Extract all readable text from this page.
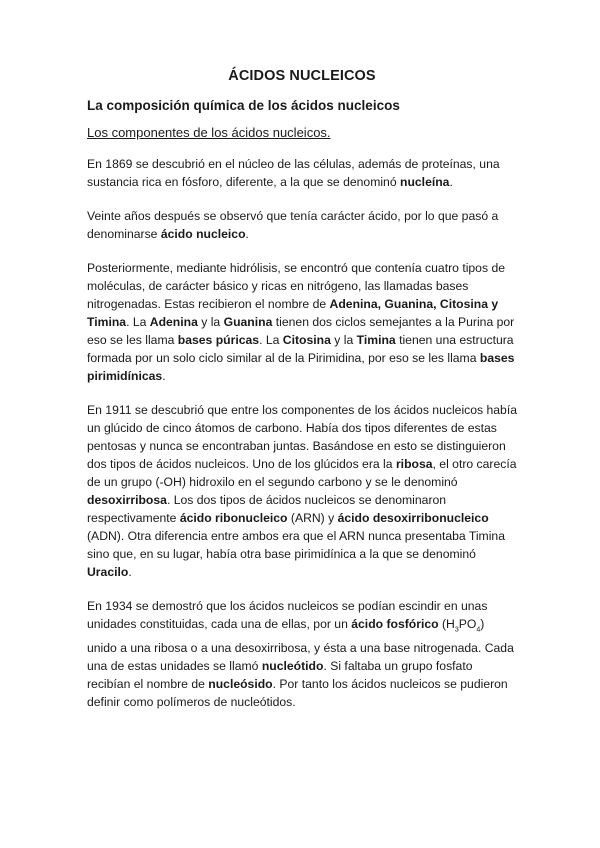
ÁCIDOS NUCLEICOS
La composición química de los ácidos nucleicos
Los componentes de los ácidos nucleicos.

En 1869 se descubrió en el núcleo de las células, además de proteínas, una sustancia rica en fósforo, diferente, a la que se denominó nucleína.

Veinte años después se observó que tenía carácter ácido, por lo que pasó a denominarse ácido nucleico.

Posteriormente, mediante hidrólisis, se encontró que contenía cuatro tipos de moléculas, de carácter básico y ricas en nitrógeno, las llamadas bases nitrogenadas. Estas recibieron el nombre de Adenina, Guanina, Citosina y Timina. La Adenina y la Guanina tienen dos ciclos semejantes a la Purina por eso se les llama bases púricas. La Citosina y la Timina tienen una estructura formada por un solo ciclo similar al de la Pirimidina, por eso se les llama bases pirimidínicas.

En 1911 se descubrió que entre los componentes de los ácidos nucleicos había un glúcido de cinco átomos de carbono. Había dos tipos diferentes de estas pentosas y nunca se encontraban juntas. Basándose en esto se distinguieron dos tipos de ácidos nucleicos. Uno de los glúcidos era la ribosa, el otro carecía de un grupo (-OH) hidroxilo en el segundo carbono y se le denominó desoxirribosa. Los dos tipos de ácidos nucleicos se denominaron respectivamente ácido ribonucleico (ARN) y ácido desoxirribonucleico (ADN). Otra diferencia entre ambos era que el ARN nunca presentaba Timina sino que, en su lugar, había otra base pirimidínica a la que se denominó Uracilo.

En 1934 se demostró que los ácidos nucleicos se podían escindir en unas unidades constituidas, cada una de ellas, por un ácido fosfórico $(H_3PO_4)$ unido a una ribosa o a una desoxirribosa, y ésta a una base nitrogenada. Cada una de estas unidades se llamó nucleótido. Si faltaba un grupo fosfato recibían el nombre de nucleósido. Por tanto los ácidos nucleicos se pudieron definir como polímeros de nucleótidos.
